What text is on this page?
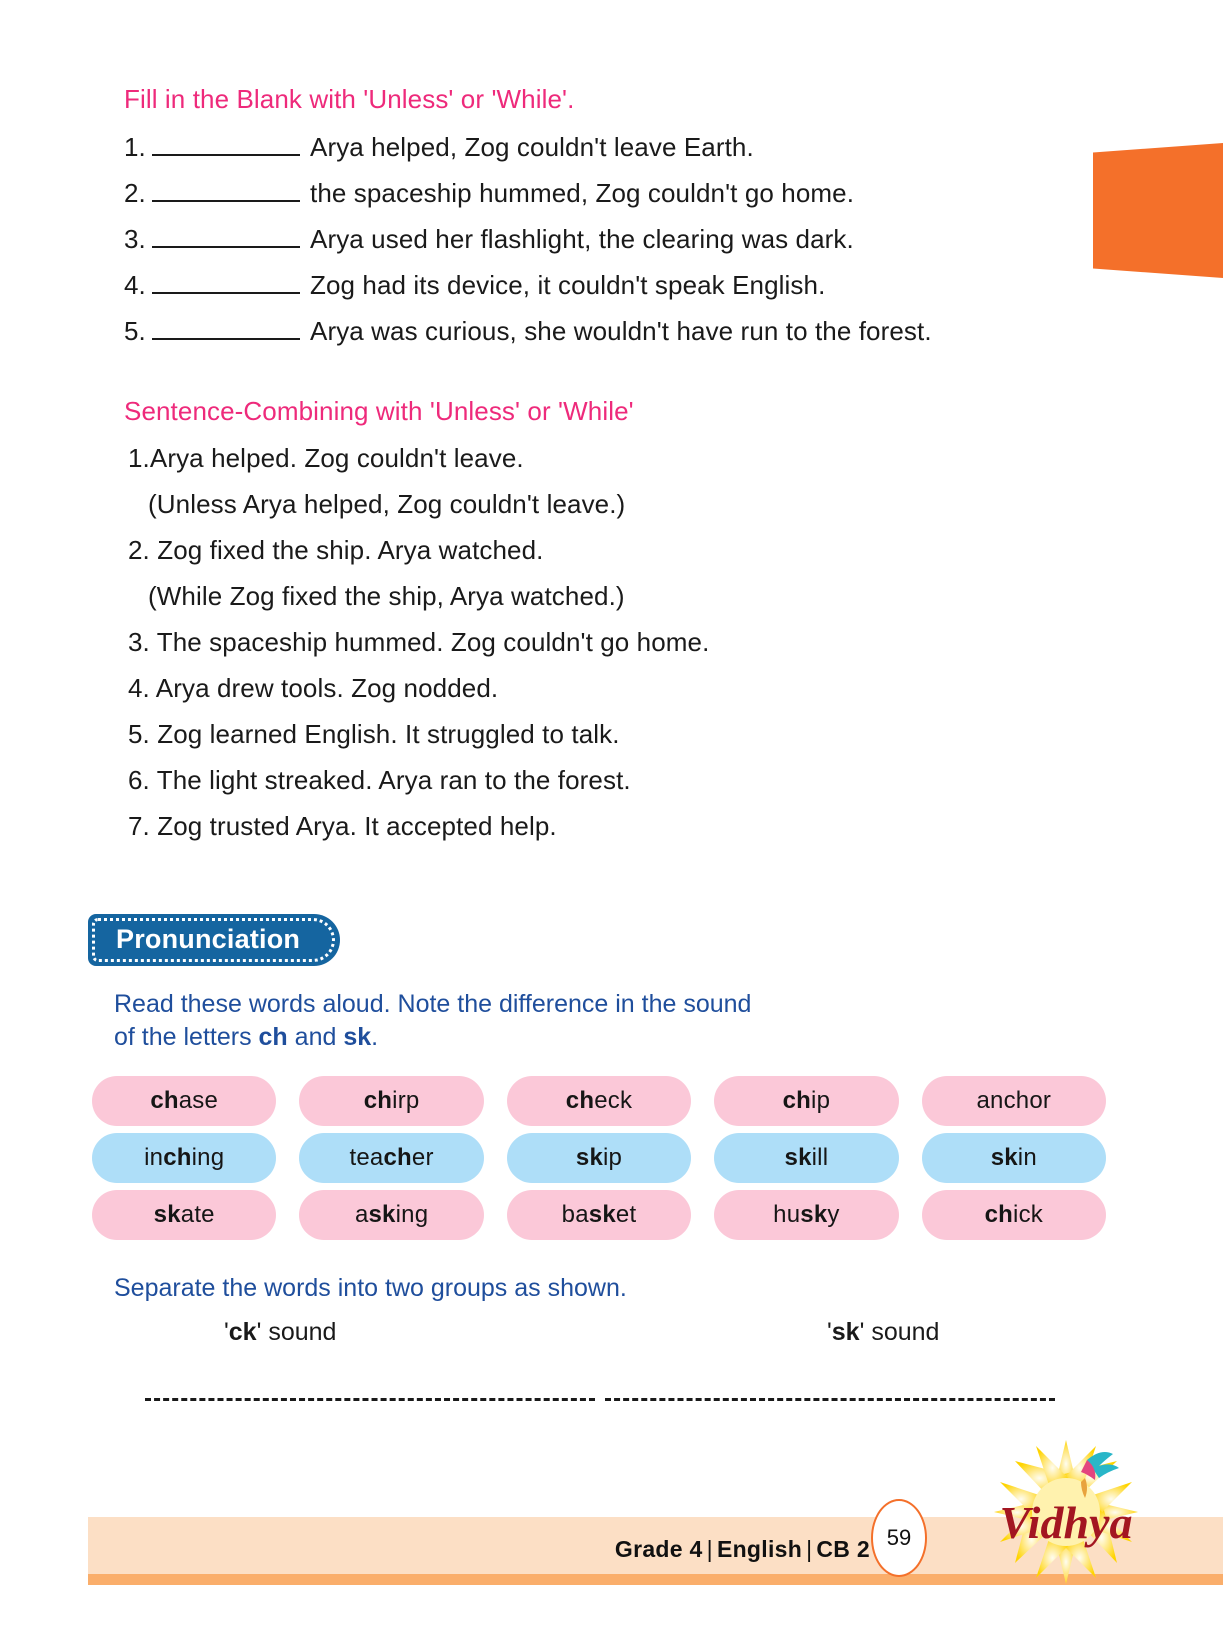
Fill in the Blank with 'Unless' or 'While'.
1.	Arya helped, Zog couldn't leave Earth.
2.	the spaceship hummed, Zog couldn't go home.
3.	Arya used her flashlight, the clearing was dark.
4.	Zog had its device, it couldn't speak English.
5.	Arya was curious, she wouldn't have run to the forest.
Sentence-Combining with 'Unless' or 'While'
1.Arya helped. Zog couldn't leave.
(Unless Arya helped, Zog couldn't leave.)
2. Zog fixed the ship. Arya watched.
(While Zog fixed the ship, Arya watched.)
3. The spaceship hummed. Zog couldn't go home.
4. Arya drew tools. Zog nodded.
5. Zog learned English. It struggled to talk.
6. The light streaked. Arya ran to the forest.
7. Zog trusted Arya. It accepted help.
Pronunciation
Read these words aloud. Note the difference in the sound
of the letters ch and sk.
ch ase	ch irp	ch eck	ch ip	anchor
in ch ing	tea ch er	sk ip	sk ill	sk in
sk ate	a sk ing	ba sk et	hu sk y	ch ick
Separate the words into two groups as shown.
'ck' sound	'sk' sound
Grade 4 | English | CB 2 59	Vidhya
